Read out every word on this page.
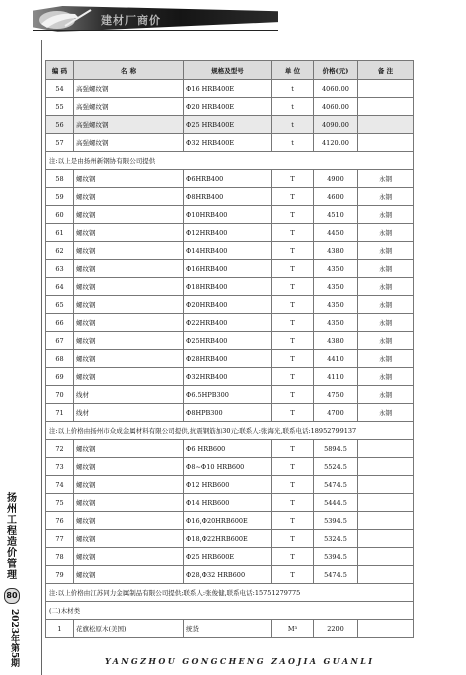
建材厂商价
扬州工程造价管理
80
2023年第5期
编 码	名 称	规格及型号	单 位	价格(元)	备 注
54	高强螺纹钢	Φ16 HRB400E	t	4060.00	
55	高强螺纹钢	Φ20 HRB400E	t	4060.00	
56	高强螺纹钢	Φ25 HRB400E	t	4090.00	
57	高强螺纹钢	Φ32 HRB400E	t	4120.00	
注:以上是由扬州新钢协有限公司提供					
58	螺纹钢	Φ6HRB400	T	4900	永钢
59	螺纹钢	Φ8HRB400	T	4600	永钢
60	螺纹钢	Φ10HRB400	T	4510	永钢
61	螺纹钢	Φ12HRB400	T	4450	永钢
62	螺纹钢	Φ14HRB400	T	4380	永钢
63	螺纹钢	Φ16HRB400	T	4350	永钢
64	螺纹钢	Φ18HRB400	T	4350	永钢
65	螺纹钢	Φ20HRB400	T	4350	永钢
66	螺纹钢	Φ22HRB400	T	4350	永钢
67	螺纹钢	Φ25HRB400	T	4380	永钢
68	螺纹钢	Φ28HRB400	T	4410	永钢
69	螺纹钢	Φ32HRB400	T	4110	永钢
70	线材	Φ6.5HPB300	T	4750	永钢
71	线材	Φ8HPB300	T	4700	永钢
注:以上价格由扬州市众成金属材料有限公司提供,抗震钢筋加30元;联系人:张海光,联系电话:18952799137					
72	螺纹钢	Φ6 HRB600	T	5894.5	
73	螺纹钢	Φ8~Φ10 HRB600	T	5524.5	
74	螺纹钢	Φ12 HRB600	T	5474.5	
75	螺纹钢	Φ14 HRB600	T	5444.5	
76	螺纹钢	Φ16,Φ20HRB600E	T	5394.5	
77	螺纹钢	Φ18,Φ22HRB600E	T	5324.5	
78	螺纹钢	Φ25 HRB600E	T	5394.5	
79	螺纹钢	Φ28,Φ32 HRB600	T	5474.5	
注:以上价格由江苏同力金属制品有限公司提供;联系人:张俊健,联系电话:15751279775					
(二)木材类					
1	花旗松原木(美国)	统货	M³	2200	
YANGZHOU GONGCHENG ZAOJIA GUANLI
